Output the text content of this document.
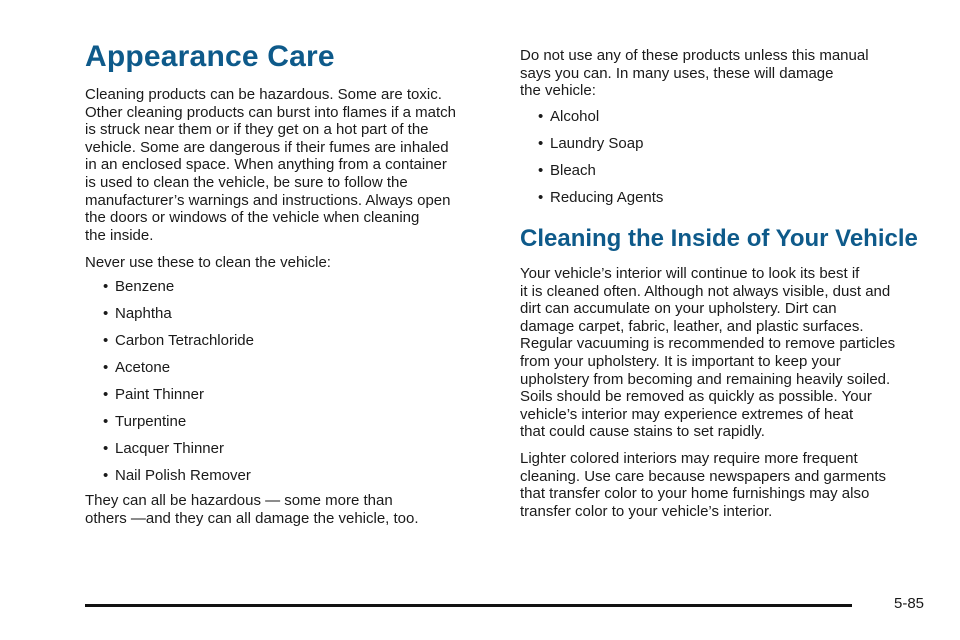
Appearance Care

Cleaning products can be hazardous. Some are toxic.
Other cleaning products can burst into flames if a match
is struck near them or if they get on a hot part of the
vehicle. Some are dangerous if their fumes are inhaled
in an enclosed space. When anything from a container
is used to clean the vehicle, be sure to follow the
manufacturer’s warnings and instructions. Always open
the doors or windows of the vehicle when cleaning
the inside.

Never use these to clean the vehicle:

• Benzene
• Naphtha
• Carbon Tetrachloride
• Acetone
• Paint Thinner
• Turpentine
• Lacquer Thinner
• Nail Polish Remover

They can all be hazardous — some more than
others —and they can all damage the vehicle, too.

Do not use any of these products unless this manual
says you can. In many uses, these will damage
the vehicle:

• Alcohol
• Laundry Soap
• Bleach
• Reducing Agents
Cleaning the Inside of Your Vehicle

Your vehicle’s interior will continue to look its best if
it is cleaned often. Although not always visible, dust and
dirt can accumulate on your upholstery. Dirt can
damage carpet, fabric, leather, and plastic surfaces.
Regular vacuuming is recommended to remove particles
from your upholstery. It is important to keep your
upholstery from becoming and remaining heavily soiled.
Soils should be removed as quickly as possible. Your
vehicle’s interior may experience extremes of heat
that could cause stains to set rapidly.

Lighter colored interiors may require more frequent
cleaning. Use care because newspapers and garments
that transfer color to your home furnishings may also
transfer color to your vehicle’s interior.

5-85
